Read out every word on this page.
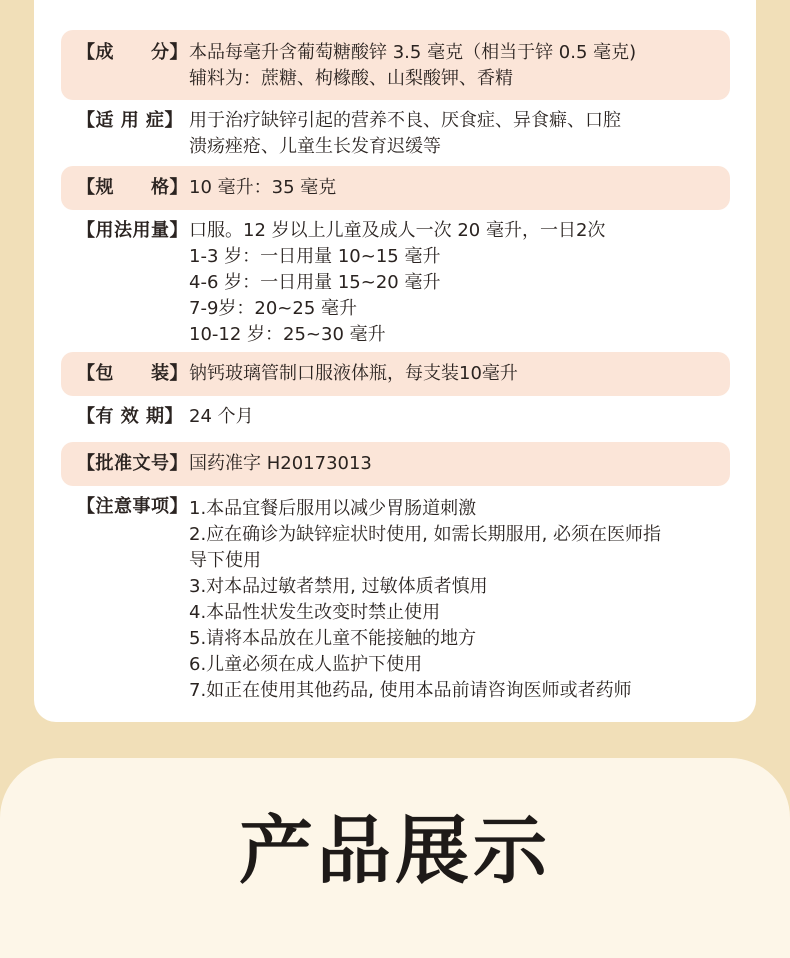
【成　　分】 本品每毫升含葡萄糖酸锌 3.5 毫克（相当于锌 0.5 毫克)
辅料为：蔗糖、枸橼酸、山梨酸钾、香精
【适 用 症】 用于治疗缺锌引起的营养不良、厌食症、异食癖、口腔
溃疡痤疮、儿童生长发育迟缓等
【规　　格】 10 毫升：35 毫克
【用法用量】 口服。12 岁以上儿童及成人一次 20 毫升，一日2次
1-3 岁：一日用量 10~15 毫升
4-6 岁：一日用量 15~20 毫升
7-9岁：20~25 毫升
10-12 岁：25~30 毫升
【包　　装】 钠钙玻璃管制口服液体瓶，每支装10毫升
【有 效 期】 24 个月
【批准文号】 国药准字 H20173013
【注意事项】 1.本品宜餐后服用以减少胃肠道刺激
2.应在确诊为缺锌症状时使用, 如需长期服用, 必须在医师指
导下使用
3.对本品过敏者禁用, 过敏体质者慎用
4.本品性状发生改变时禁止使用
5.请将本品放在儿童不能接触的地方
6.儿童必须在成人监护下使用
7.如正在使用其他药品, 使用本品前请咨询医师或者药师
产品展示
